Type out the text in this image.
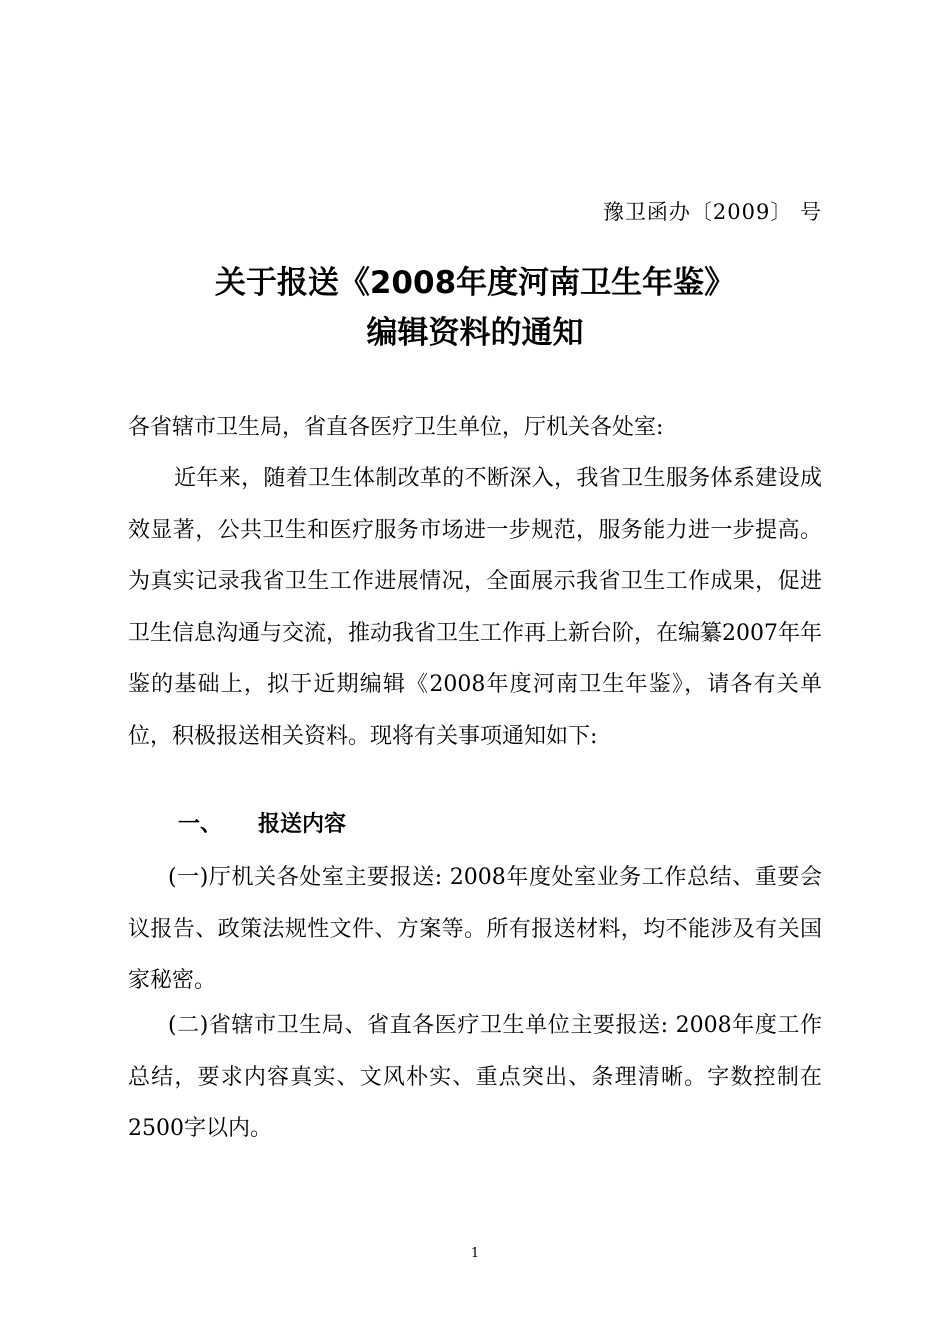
豫卫函办〔2009〕 号
关于报送《2008年度河南卫生年鉴》
编辑资料的通知
各省辖市卫生局，省直各医疗卫生单位，厅机关各处室:
近年来，随着卫生体制改革的不断深入，我省卫生服务体系建设成效显著，公共卫生和医疗服务市场进一步规范，服务能力进一步提高。为真实记录我省卫生工作进展情况，全面展示我省卫生工作成果，促进卫生信息沟通与交流，推动我省卫生工作再上新台阶，在编纂2007年年鉴的基础上，拟于近期编辑《2008年度河南卫生年鉴》，请各有关单位，积极报送相关资料。现将有关事项通知如下:
一、 报送内容
(一)厅机关各处室主要报送: 2008年度处室业务工作总结、重要会议报告、政策法规性文件、方案等。所有报送材料，均不能涉及有关国家秘密。
(二)省辖市卫生局、省直各医疗卫生单位主要报送: 2008年度工作总结，要求内容真实、文风朴实、重点突出、条理清晰。字数控制在2500字以内。
1
